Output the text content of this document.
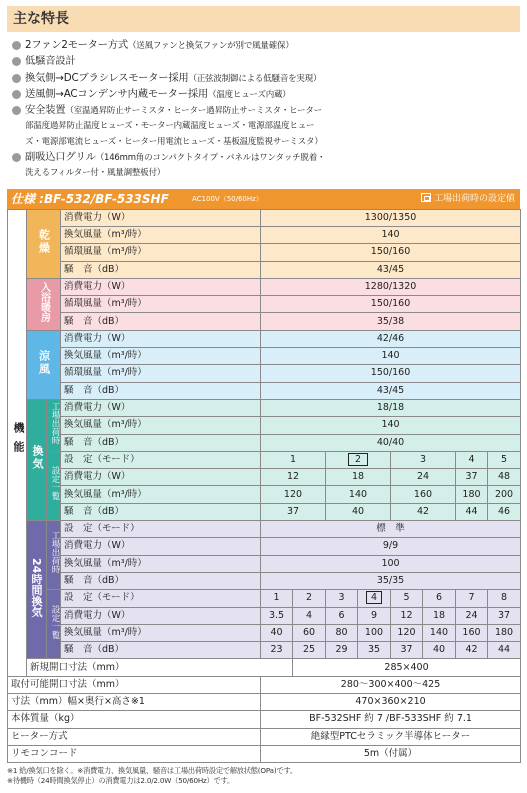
主な特長
2ファン2モーター方式（送風ファンと換気ファンが別で風量確保）
低騒音設計
換気側→DCブラシレスモーター採用（正弦波制御による低騒音を実現）
送風側→ACコンデンサ内蔵モーター採用（温度ヒューズ内蔵）
安全装置（室温過昇防止サーミスタ・ヒーター過昇防止サーミスタ・ヒーター
部温度過昇防止温度ヒューズ・モーター内蔵温度ヒューズ・電源部温度ヒュー
ズ・電源部電流ヒューズ・ヒーター用電流ヒューズ・基板温度監視サーミスタ）
副吸込口グリル（146mm角のコンパクトタイプ・パネルはワンタッチ脱着・
洗えるフィルター付・風量調整板付）
仕様 :BF-532/BF-533SHF	AC100V（50/60Hz）	工場出荷時の設定値
機能	乾燥		消費電力（W）	1300/1350							
			換気風量（m³/時）	140							
			循環風量（m³/時）	150/160							
			騒　音（dB）	43/45							
	入浴暖房		消費電力（W）	1280/1320							
			循環風量（m³/時）	150/160							
			騒　音（dB）	35/38							
	涼風		消費電力（W）	42/46							
			換気風量（m³/時）	140							
			循環風量（m³/時）	150/160							
			騒　音（dB）	43/45							
	換気	工場出荷時	消費電力（W）	18/18							
			換気風量（m³/時）	140							
			騒　音（dB）	40/40							
		設定一覧	設　定（モード）	1		2		3		4	5
			消費電力（W）	12		18		24		37	48
			換気風量（m³/時）	120		140		160		180	200
			騒　音（dB）	37		40		42		44	46
	24時間換気	工場出荷時	設　定（モード）	標　準							
			消費電力（W）	9/9							
			換気風量（m³/時）	100							
			騒　音（dB）	35/35							
		設定一覧	設　定（モード）	1	2	3	4	5	6	7	8
			消費電力（W）	3.5	4	6	9	12	18	24	37
			換気風量（m³/時）	40	60	80	100	120	140	160	180
			騒　音（dB）	23	25	29	35	37	40	42	44
	新規開口寸法（mm）				285×400						
取付可能開口寸法（mm）				280～300×400～425							
寸法（mm）幅×奥行×高さ※1				470×360×210							
本体質量（kg）				BF-532SHF 約 7 /BF-533SHF 約 7.1							
ヒーター方式				絶縁型PTCセラミック半導体ヒーター							
リモコンコード				5m（付属）							
※1 給/換気口を除く。※消費電力、換気風量、騒音は工場出荷時設定で解放状態(OPa)です。
※待機時（24時間換気停止）の消費電力は2.0/2.0W（50/60Hz）です。
